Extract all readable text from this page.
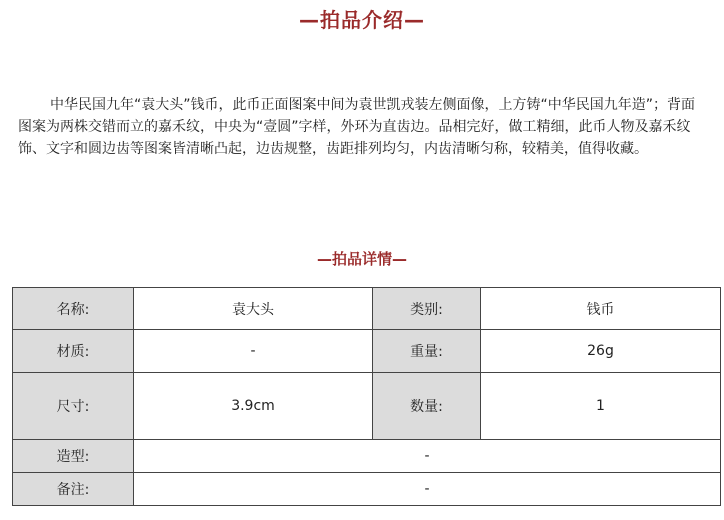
—拍品介绍—

中华民国九年“袁大头”钱币，此币正面图案中间为袁世凯戎装左侧面像，上方铸“中华民国九年造”；背面图案为两株交错而立的嘉禾纹，中央为“壹圆”字样，外环为直齿边。品相完好，做工精细，此币人物及嘉禾纹饰、文字和圆边齿等图案皆清晰凸起，边齿规整，齿距排列均匀，内齿清晰匀称，较精美，值得收藏。

—拍品详情—
名称:	袁大头	类别:	钱币
材质:	-	重量:	26g
尺寸:	3.9cm	数量:	1
造型:	-		
备注:	-		
